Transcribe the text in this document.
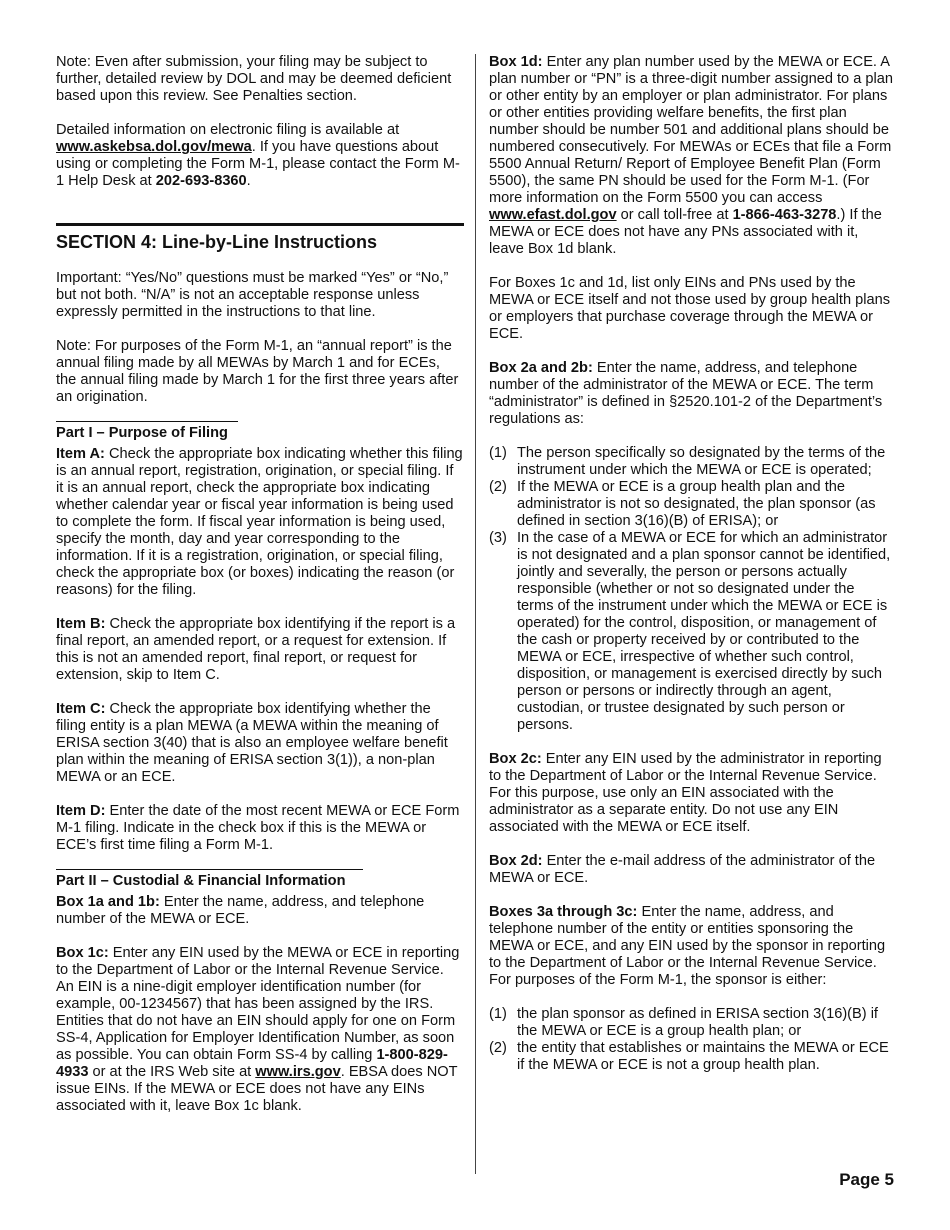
Note: Even after submission, your filing may be subject to further, detailed review by DOL and may be deemed deficient based upon this review. See Penalties section.

Detailed information on electronic filing is available at www.askebsa.dol.gov/mewa. If you have questions about using or completing the Form M-1, please contact the Form M-1 Help Desk at 202-693-8360.

SECTION 4: Line-by-Line Instructions

Important: “Yes/No” questions must be marked “Yes” or “No,” but not both. “N/A” is not an acceptable response unless expressly permitted in the instructions to that line.

Note: For purposes of the Form M-1, an “annual report” is the annual filing made by all MEWAs by March 1 and for ECEs, the annual filing made by March 1 for the first three years after an origination.

Part I – Purpose of Filing

Item A: Check the appropriate box indicating whether this filing is an annual report, registration, origination, or special filing. If it is an annual report, check the appropriate box indicating whether calendar year or fiscal year information is being used to complete the form. If fiscal year information is being used, specify the month, day and year corresponding to the information. If it is a registration, origination, or special filing, check the appropriate box (or boxes) indicating the reason (or reasons) for the filing.

Item B: Check the appropriate box identifying if the report is a final report, an amended report, or a request for extension. If this is not an amended report, final report, or request for extension, skip to Item C.

Item C: Check the appropriate box identifying whether the filing entity is a plan MEWA (a MEWA within the meaning of ERISA section 3(40) that is also an employee welfare benefit plan within the meaning of ERISA section 3(1)), a non-plan MEWA or an ECE.

Item D: Enter the date of the most recent MEWA or ECE Form M-1 filing. Indicate in the check box if this is the MEWA or ECE’s first time filing a Form M-1.

Part II – Custodial & Financial Information

Box 1a and 1b: Enter the name, address, and telephone number of the MEWA or ECE.

Box 1c: Enter any EIN used by the MEWA or ECE in reporting to the Department of Labor or the Internal Revenue Service. An EIN is a nine-digit employer identification number (for example, 00-1234567) that has been assigned by the IRS. Entities that do not have an EIN should apply for one on Form SS-4, Application for Employer Identification Number, as soon as possible. You can obtain Form SS-4 by calling 1-800-829-4933 or at the IRS Web site at www.irs.gov. EBSA does NOT issue EINs. If the MEWA or ECE does not have any EINs associated with it, leave Box 1c blank.

Box 1d: Enter any plan number used by the MEWA or ECE. A plan number or “PN” is a three-digit number assigned to a plan or other entity by an employer or plan administrator. For plans or other entities providing welfare benefits, the first plan number should be number 501 and additional plans should be numbered consecutively. For MEWAs or ECEs that file a Form 5500 Annual Return/ Report of Employee Benefit Plan (Form 5500), the same PN should be used for the Form M-1. (For more information on the Form 5500 you can access www.efast.dol.gov or call toll-free at 1-866-463-3278.) If the MEWA or ECE does not have any PNs associated with it, leave Box 1d blank.

For Boxes 1c and 1d, list only EINs and PNs used by the MEWA or ECE itself and not those used by group health plans or employers that purchase coverage through the MEWA or ECE.

Box 2a and 2b: Enter the name, address, and telephone number of the administrator of the MEWA or ECE. The term “administrator” is defined in §2520.101-2 of the Department’s regulations as:

(1) The person specifically so designated by the terms of the instrument under which the MEWA or ECE is operated;
(2) If the MEWA or ECE is a group health plan and the administrator is not so designated, the plan sponsor (as defined in section 3(16)(B) of ERISA); or
(3) In the case of a MEWA or ECE for which an administrator is not designated and a plan sponsor cannot be identified, jointly and severally, the person or persons actually responsible (whether or not so designated under the terms of the instrument under which the MEWA or ECE is operated) for the control, disposition, or management of the cash or property received by or contributed to the MEWA or ECE, irrespective of whether such control, disposition, or management is exercised directly by such person or persons or indirectly through an agent, custodian, or trustee designated by such person or persons.

Box 2c: Enter any EIN used by the administrator in reporting to the Department of Labor or the Internal Revenue Service. For this purpose, use only an EIN associated with the administrator as a separate entity. Do not use any EIN associated with the MEWA or ECE itself.

Box 2d: Enter the e-mail address of the administrator of the MEWA or ECE.

Boxes 3a through 3c: Enter the name, address, and telephone number of the entity or entities sponsoring the MEWA or ECE, and any EIN used by the sponsor in reporting to the Department of Labor or the Internal Revenue Service. For purposes of the Form M-1, the sponsor is either:

(1) the plan sponsor as defined in ERISA section 3(16)(B) if the MEWA or ECE is a group health plan; or
(2) the entity that establishes or maintains the MEWA or ECE if the MEWA or ECE is not a group health plan.
Page 5
